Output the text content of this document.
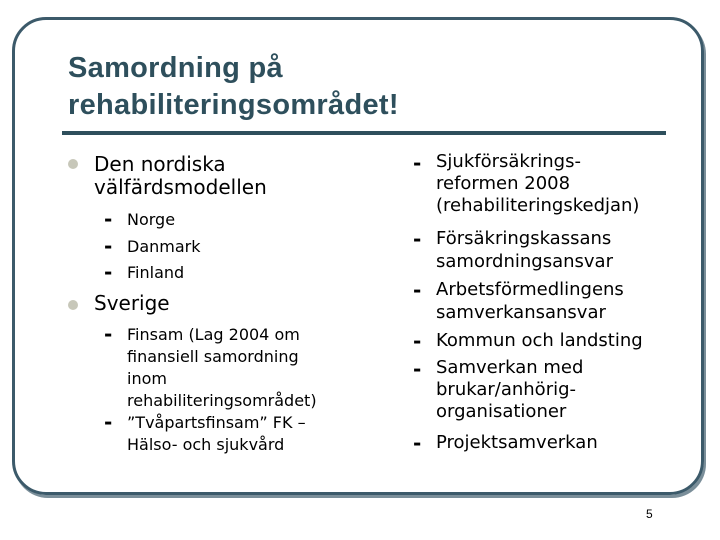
Samordning på
rehabiliteringsområdet!
Den nordiska
välfärdsmodellen
- Norge
- Danmark
- Finland
Sverige
- Finsam (Lag 2004 om
finansiell samordning
inom
rehabiliteringsområdet)
- ”Tvåpartsfinsam” FK –
Hälso- och sjukvård
- Sjukförsäkrings-
reformen 2008
(rehabiliteringskedjan)
- Försäkringskassans
samordningsansvar
- Arbetsförmedlingens
samverkansansvar
- Kommun och landsting
- Samverkan med
brukar/anhörig-
organisationer
- Projektsamverkan
5
